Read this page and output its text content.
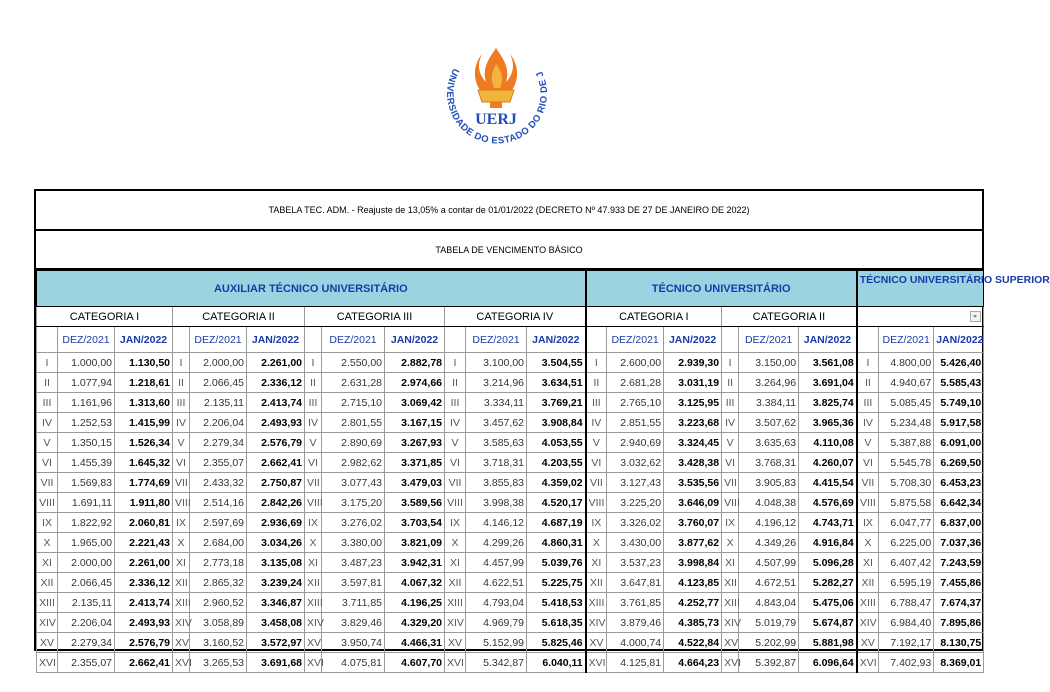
UNIVERSIDADE DO ESTADO DO RIO DE J
UERJ
TABELA TEC. ADM. - Reajuste de 13,05% a contar de 01/01/2022 (DECRETO Nº 47.933 DE 27 DE JANEIRO DE 2022)
TABELA DE VENCIMENTO BÁSICO
AUXILIAR TÉCNICO UNIVERSITÁRIO												TÉCNICO UNIVERSITÁRIO						TÉCNICO UNIVERSITÁRIO SUPERIOR		
CATEGORIA I			CATEGORIA II			CATEGORIA III			CATEGORIA IV			CATEGORIA I			CATEGORIA II					
	DEZ/2021	JAN/2022		DEZ/2021	JAN/2022		DEZ/2021	JAN/2022		DEZ/2021	JAN/2022		DEZ/2021	JAN/2022		DEZ/2021	JAN/2022		DEZ/2021	JAN/2022
I	1.000,00	1.130,50	I	2.000,00	2.261,00	I	2.550,00	2.882,78	I	3.100,00	3.504,55	I	2.600,00	2.939,30	I	3.150,00	3.561,08	I	4.800,00	5.426,40
II	1.077,94	1.218,61	II	2.066,45	2.336,12	II	2.631,28	2.974,66	II	3.214,96	3.634,51	II	2.681,28	3.031,19	II	3.264,96	3.691,04	II	4.940,67	5.585,43
III	1.161,96	1.313,60	III	2.135,11	2.413,74	III	2.715,10	3.069,42	III	3.334,11	3.769,21	III	2.765,10	3.125,95	III	3.384,11	3.825,74	III	5.085,45	5.749,10
IV	1.252,53	1.415,99	IV	2.206,04	2.493,93	IV	2.801,55	3.167,15	IV	3.457,62	3.908,84	IV	2.851,55	3.223,68	IV	3.507,62	3.965,36	IV	5.234,48	5.917,58
V	1.350,15	1.526,34	V	2.279,34	2.576,79	V	2.890,69	3.267,93	V	3.585,63	4.053,55	V	2.940,69	3.324,45	V	3.635,63	4.110,08	V	5.387,88	6.091,00
VI	1.455,39	1.645,32	VI	2.355,07	2.662,41	VI	2.982,62	3.371,85	VI	3.718,31	4.203,55	VI	3.032,62	3.428,38	VI	3.768,31	4.260,07	VI	5.545,78	6.269,50
VII	1.569,83	1.774,69	VII	2.433,32	2.750,87	VII	3.077,43	3.479,03	VII	3.855,83	4.359,02	VII	3.127,43	3.535,56	VII	3.905,83	4.415,54	VII	5.708,30	6.453,23
VIII	1.691,11	1.911,80	VIII	2.514,16	2.842,26	VIII	3.175,20	3.589,56	VIII	3.998,38	4.520,17	VIII	3.225,20	3.646,09	VIII	4.048,38	4.576,69	VIII	5.875,58	6.642,34
IX	1.822,92	2.060,81	IX	2.597,69	2.936,69	IX	3.276,02	3.703,54	IX	4.146,12	4.687,19	IX	3.326,02	3.760,07	IX	4.196,12	4.743,71	IX	6.047,77	6.837,00
X	1.965,00	2.221,43	X	2.684,00	3.034,26	X	3.380,00	3.821,09	X	4.299,26	4.860,31	X	3.430,00	3.877,62	X	4.349,26	4.916,84	X	6.225,00	7.037,36
XI	2.000,00	2.261,00	XI	2.773,18	3.135,08	XI	3.487,23	3.942,31	XI	4.457,99	5.039,76	XI	3.537,23	3.998,84	XI	4.507,99	5.096,28	XI	6.407,42	7.243,59
XII	2.066,45	2.336,12	XII	2.865,32	3.239,24	XII	3.597,81	4.067,32	XII	4.622,51	5.225,75	XII	3.647,81	4.123,85	XII	4.672,51	5.282,27	XII	6.595,19	7.455,86
XIII	2.135,11	2.413,74	XIII	2.960,52	3.346,87	XIII	3.711,85	4.196,25	XIII	4.793,04	5.418,53	XIII	3.761,85	4.252,77	XIII	4.843,04	5.475,06	XIII	6.788,47	7.674,37
XIV	2.206,04	2.493,93	XIV	3.058,89	3.458,08	XIV	3.829,46	4.329,20	XIV	4.969,79	5.618,35	XIV	3.879,46	4.385,73	XIV	5.019,79	5.674,87	XIV	6.984,40	7.895,86
XV	2.279,34	2.576,79	XV	3.160,52	3.572,97	XV	3.950,74	4.466,31	XV	5.152,99	5.825,46	XV	4.000,74	4.522,84	XV	5.202,99	5.881,98	XV	7.192,17	8.130,75
XVI	2.355,07	2.662,41	XVI	3.265,53	3.691,68	XVI	4.075,81	4.607,70	XVI	5.342,87	6.040,11	XVI	4.125,81	4.664,23	XVI	5.392,87	6.096,64	XVI	7.402,93	8.369,01
